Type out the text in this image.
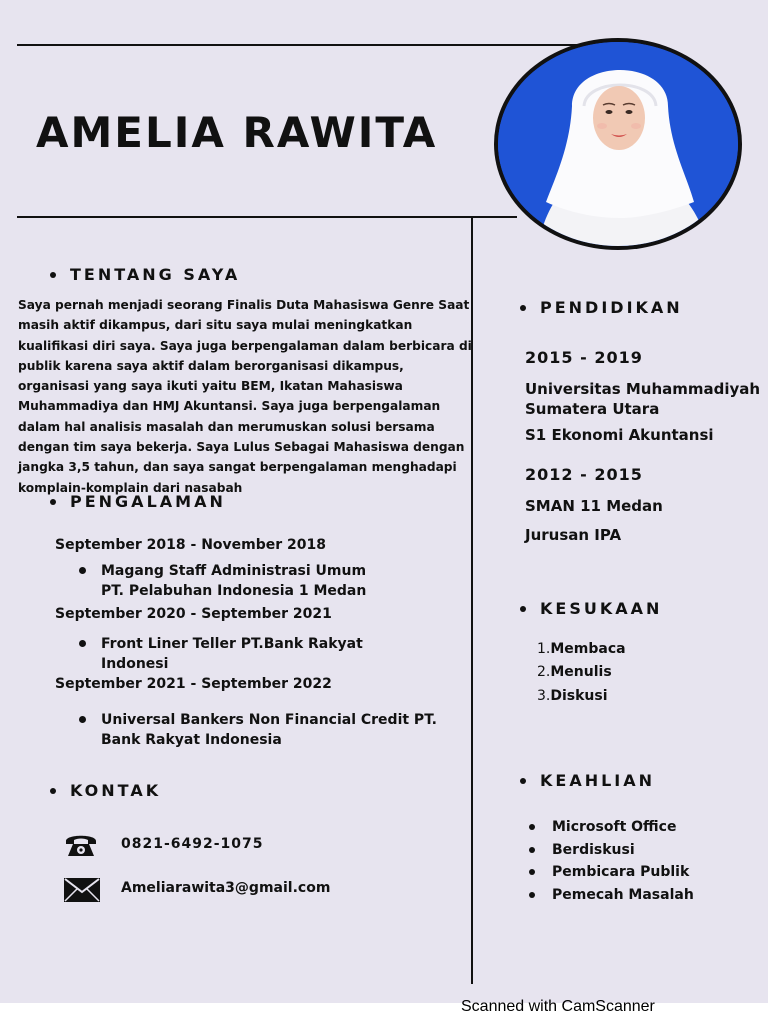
AMELIA RAWITA
TENTANG SAYA

Saya pernah menjadi seorang Finalis Duta Mahasiswa Genre Saat masih aktif dikampus, dari situ saya mulai meningkatkan kualifikasi diri saya. Saya juga berpengalaman dalam berbicara di publik karena saya aktif dalam berorganisasi dikampus, organisasi yang saya ikuti yaitu BEM, Ikatan Mahasiswa Muhammadiya dan HMJ Akuntansi. Saya juga berpengalaman dalam hal analisis masalah dan merumuskan solusi bersama dengan tim saya bekerja. Saya Lulus Sebagai Mahasiswa dengan jangka 3,5 tahun, dan saya sangat berpengalaman menghadapi komplain-komplain dari nasabah

PENGALAMAN
September 2018 - November 2018
Magang Staff Administrasi Umum
PT. Pelabuhan Indonesia 1 Medan
September 2020 - September 2021
Front Liner Teller PT.Bank Rakyat
Indonesi
September 2021 - September 2022
Universal Bankers Non Financial Credit PT.
Bank Rakyat Indonesia
KONTAK
0821-6492-1075
Ameliarawita3@gmail.com
PENDIDIKAN
2015 - 2019
Universitas Muhammadiyah
Sumatera Utara
S1 Ekonomi Akuntansi
2012 - 2015
SMAN 11 Medan
Jurusan IPA
KESUKAAN
1.Membaca
2.Menulis
3.Diskusi
KEAHLIAN
Microsoft Office
Berdiskusi
Pembicara Publik
Pemecah Masalah
Scanned with CamScanner
